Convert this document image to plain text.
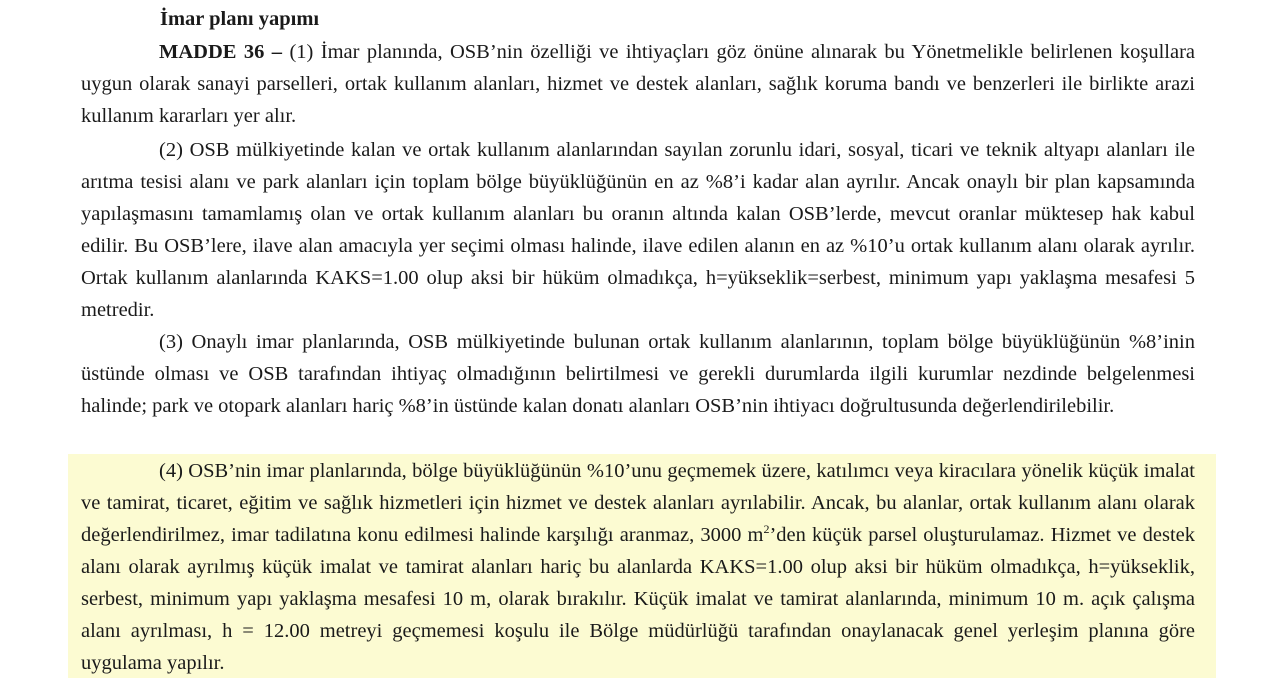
İmar planı yapımı

MADDE 36 – (1) İmar planında, OSB’nin özelliği ve ihtiyaçları göz önüne alınarak bu Yönetmelikle belirlenen koşullara uygun olarak sanayi parselleri, ortak kullanım alanları, hizmet ve destek alanları, sağlık koruma bandı ve benzerleri ile birlikte arazi kullanım kararları yer alır.

(2) OSB mülkiyetinde kalan ve ortak kullanım alanlarından sayılan zorunlu idari, sosyal, ticari ve teknik altyapı alanları ile arıtma tesisi alanı ve park alanları için toplam bölge büyüklüğünün en az %8’i kadar alan ayrılır. Ancak onaylı bir plan kapsamında yapılaşmasını tamamlamış olan ve ortak kullanım alanları bu oranın altında kalan OSB’lerde, mevcut oranlar müktesep hak kabul edilir. Bu OSB’lere, ilave alan amacıyla yer seçimi olması halinde, ilave edilen alanın en az %10’u ortak kullanım alanı olarak ayrılır. Ortak kullanım alanlarında KAKS=1.00 olup aksi bir hüküm olmadıkça, h=yükseklik=serbest, minimum yapı yaklaşma mesafesi 5 metredir.

(3) Onaylı imar planlarında, OSB mülkiyetinde bulunan ortak kullanım alanlarının, toplam bölge büyüklüğünün %8’inin üstünde olması ve OSB tarafından ihtiyaç olmadığının belirtilmesi ve gerekli durumlarda ilgili kurumlar nezdinde belgelenmesi halinde; park ve otopark alanları hariç %8’in üstünde kalan donatı alanları OSB’nin ihtiyacı doğrultusunda değerlendirilebilir.

(4) OSB’nin imar planlarında, bölge büyüklüğünün %10’unu geçmemek üzere, katılımcı veya kiracılara yönelik küçük imalat ve tamirat, ticaret, eğitim ve sağlık hizmetleri için hizmet ve destek alanları ayrılabilir. Ancak, bu alanlar, ortak kullanım alanı olarak değerlendirilmez, imar tadilatına konu edilmesi halinde karşılığı aranmaz, 3000 $m^2’den$ küçük parsel oluşturulamaz. Hizmet ve destek alanı olarak ayrılmış küçük imalat ve tamirat alanları hariç bu alanlarda KAKS=1.00 olup aksi bir hüküm olmadıkça, h=yükseklik, serbest, minimum yapı yaklaşma mesafesi 10 m, olarak bırakılır. Küçük imalat ve tamirat alanlarında, minimum 10 m. açık çalışma alanı ayrılması, h = 12.00 metreyi geçmemesi koşulu ile Bölge müdürlüğü tarafından onaylanacak genel yerleşim planına göre uygulama yapılır.
